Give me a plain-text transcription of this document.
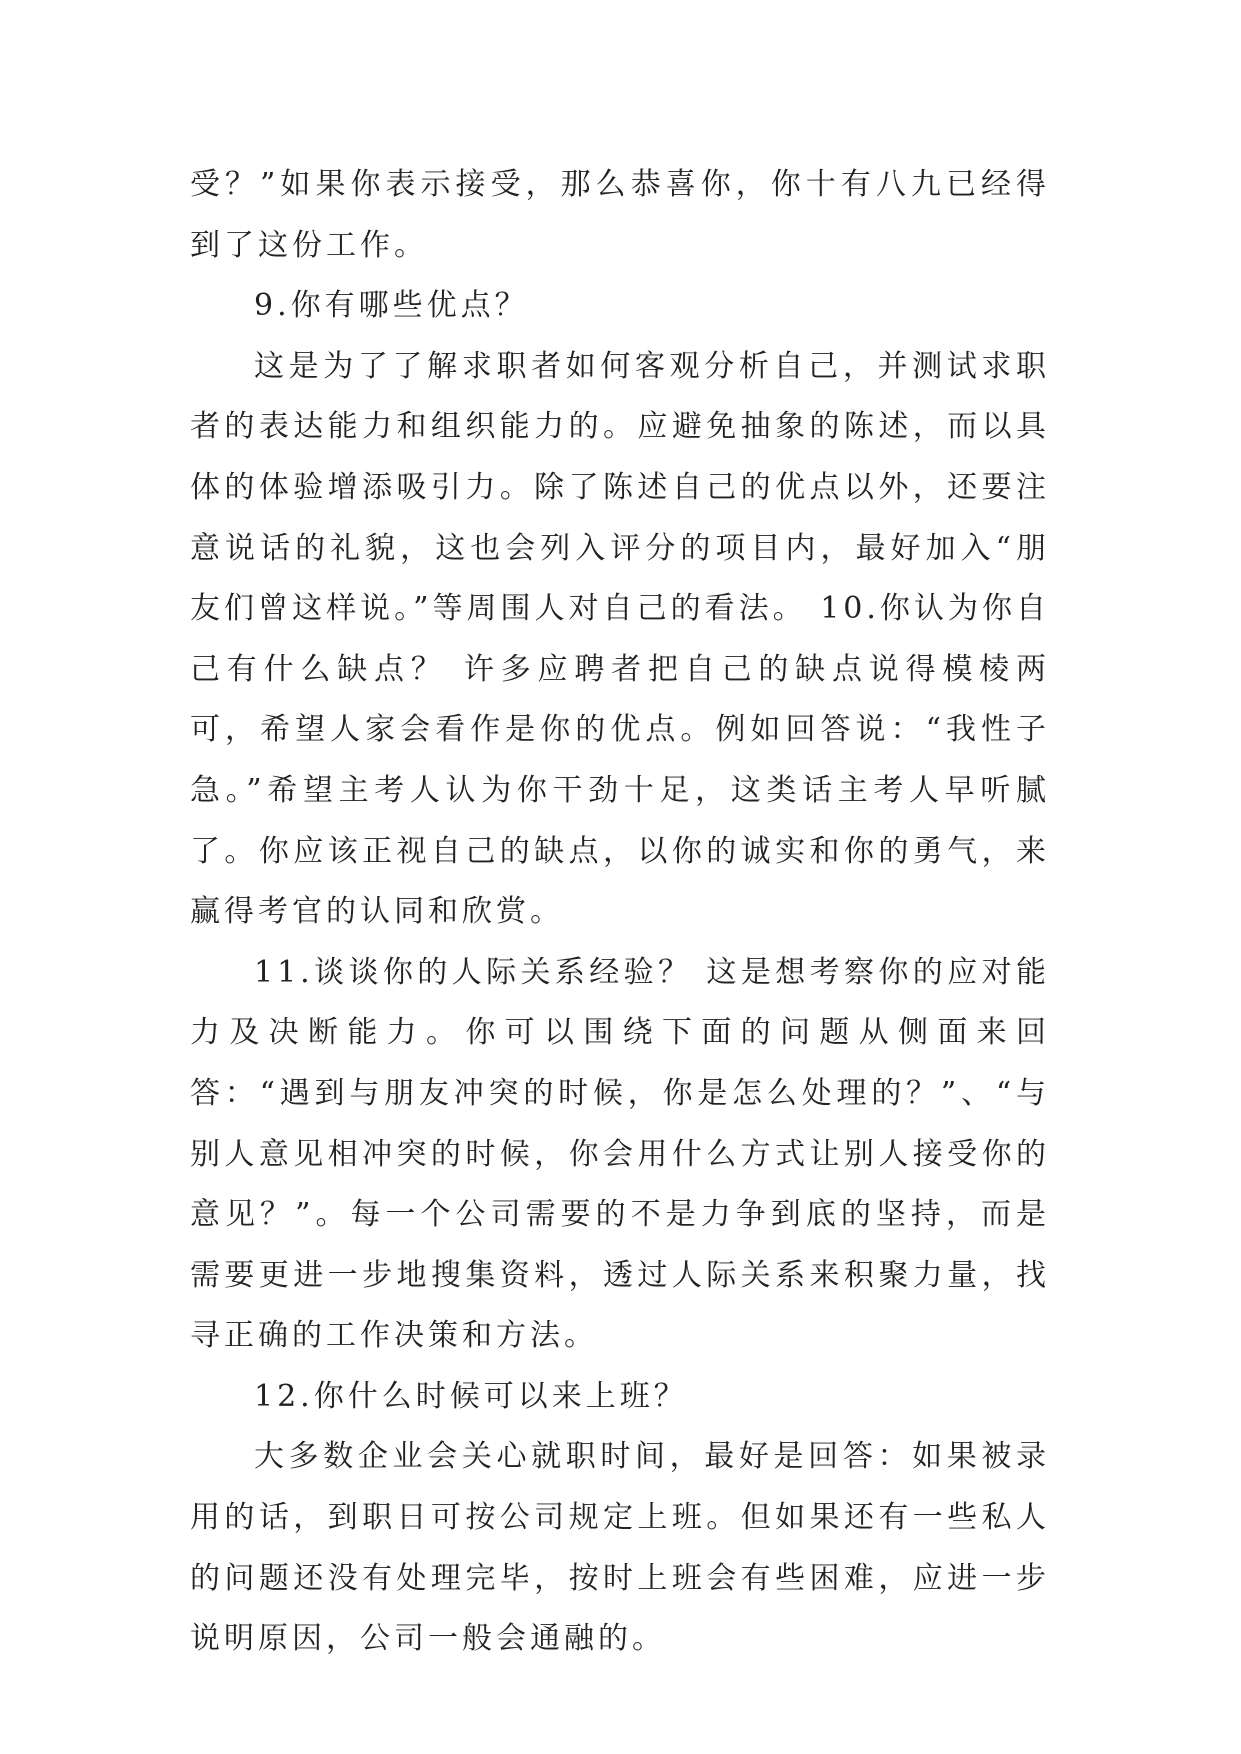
受？”如果你表示接受，那么恭喜你，你十有八九已经得到了这份工作。

9.你有哪些优点？

这是为了了解求职者如何客观分析自己，并测试求职者的表达能力和组织能力的。应避免抽象的陈述，而以具体的体验增添吸引力。除了陈述自己的优点以外，还要注意说话的礼貌，这也会列入评分的项目内，最好加入“朋友们曾这样说。”等周围人对自己的看法。 10.你认为你自己有什么缺点？ 许多应聘者把自己的缺点说得模棱两可，希望人家会看作是你的优点。例如回答说：“我性子急。”希望主考人认为你干劲十足，这类话主考人早听腻了。你应该正视自己的缺点，以你的诚实和你的勇气，来赢得考官的认同和欣赏。

11.谈谈你的人际关系经验？ 这是想考察你的应对能力及决断能力。你可以围绕下面的问题从侧面来回答：“遇到与朋友冲突的时候，你是怎么处理的？”、“与别人意见相冲突的时候，你会用什么方式让别人接受你的意见？”。每一个公司需要的不是力争到底的坚持，而是需要更进一步地搜集资料，透过人际关系来积聚力量，找寻正确的工作决策和方法。

12.你什么时候可以来上班？

大多数企业会关心就职时间，最好是回答：如果被录用的话，到职日可按公司规定上班。但如果还有一些私人的问题还没有处理完毕，按时上班会有些困难，应进一步说明原因，公司一般会通融的。
